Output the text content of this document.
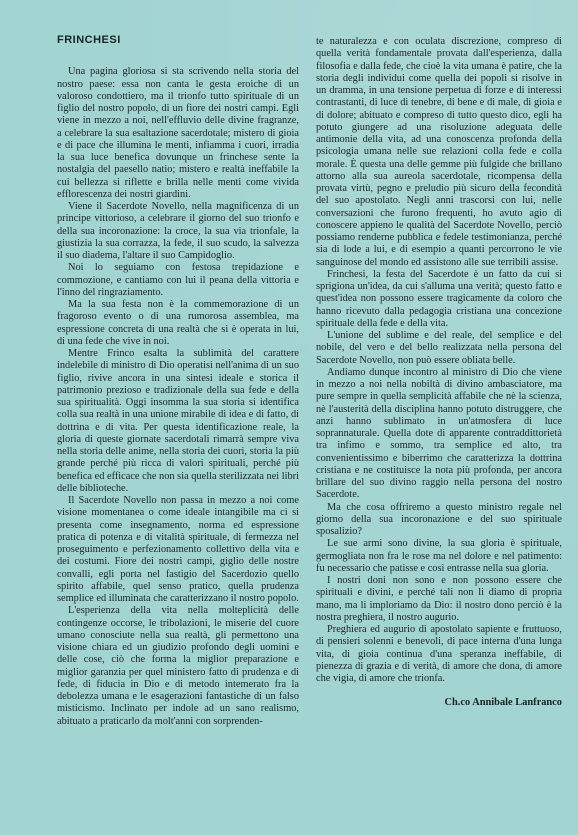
FRINCHESI

Una pagina gloriosa si sta scrivendo nella storia del nostro paese: essa non canta le gesta eroiche di un valoroso condottiero, ma il trionfo tutto spirituale di un figlio del nostro popolo, di un fiore dei nostri campi. Egli viene in mezzo a noi, nell'effluvio delle divine fragranze, a celebrare la sua esaltazione sacerdotale; mistero di gioia e di pace che illumina le menti, infiamma i cuori, irradia la sua luce benefica dovunque un frinchese sente la nostalgia del paesello natio; mistero e realtà ineffabile la cui bellezza si riflette e brilla nelle menti come vivida efflorescenza dei nostri giardini.

Viene il Sacerdote Novello, nella magnificenza di un principe vittorioso, a celebrare il giorno del suo trionfo e della sua incoronazione: la croce, la sua via trionfale, la giustizia la sua corrazza, la fede, il suo scudo, la salvezza il suo diadema, l'altare il suo Campidoglio.

Noi lo seguiamo con festosa trepidazione e commozione, e cantiamo con lui il peana della vittoria e l'inno del ringraziamento.

Ma la sua festa non è la commemorazione di un fragoroso evento o di una rumorosa assemblea, ma espressione concreta di una realtà che si è operata in lui, di una fede che vive in noi.

Mentre Frinco esalta la sublimità del carattere indelebile di ministro di Dio operatisi nell'anima di un suo figlio, rivive ancora in una sintesi ideale e storica il patrimonio prezioso e tradizionale della sua fede e della sua spiritualità. Oggi insomma la sua storia si identifica colla sua realtà in una unione mirabile di idea e di fatto, di dottrina e di vita. Per questa identificazione reale, la gloria di queste giornate sacerdotali rimarrà sempre viva nella storia delle anime, nella storia dei cuori, storia la più grande perché più ricca di valori spirituali, perché più benefica ed efficace che non sia quella sterilizzata nei libri delle biblioteche.

Il Sacerdote Novello non passa in mezzo a noi come visione momentanea o come ideale intangibile ma ci si presenta come insegnamento, norma ed espressione pratica di potenza e di vitalità spirituale, di fermezza nel proseguimento e perfezionamento collettivo della vita e dei costumi. Fiore dei nostri campi, giglio delle nostre convalli, egli porta nel fastigio del Sacerdozio quello spirito affabile, quel senso pratico, quella prudenza semplice ed illuminata che caratterizzano il nostro popolo.

L'esperienza della vita nella molteplicità delle contingenze occorse, le tribolazioni, le miserie del cuore umano conosciute nella sua realtà, gli permettono una visione chiara ed un giudizio profondo degli uomini e delle cose, ciò che forma la miglior preparazione e miglior garanzia per quel ministero fatto di prudenza e di fede, di fiducia in Dio e di metodo intemerato fra la debolezza umana e le esagerazioni fantastiche di un falso misticismo. Inclinato per indole ad un sano realismo, abituato a praticarlo da molt'anni con sorprenden-

te naturalezza e con oculata discrezione, compreso di quella verità fondamentale provata dall'esperienza, dalla filosofia e dalla fede, che cioè la vita umana è patire, che la storia degli individui come quella dei popoli si risolve in un dramma, in una tensione perpetua di forze e di interessi contrastanti, di luce di tenebre, di bene e di male, di gioia e di dolore; abituato e compreso di tutto questo dico, egli ha potuto giungere ad una risoluzione adeguata delle antimonie della vita, ad una conoscenza profonda della psicologia umana nelle sue relazioni colla fede e colla morale. È questa una delle gemme più fulgide che brillano attorno alla sua aureola sacerdotale, ricompensa della provata virtù, pegno e preludio più sicuro della fecondità del suo apostolato. Negli anni trascorsi con lui, nelle conversazioni che furono frequenti, ho avuto agio di conoscere appieno le qualità del Sacerdote Novello, perciò possiamo renderne pubblica e fedele testimonianza, perché sia di lode a lui, e di esempio a quanti percorrono le vie sanguinose del mondo ed assistono alle sue terribili assise.

Frinchesi, la festa del Sacerdote è un fatto da cui si sprigiona un'idea, da cui s'alluma una verità; questo fatto e quest'idea non possono essere tragicamente da coloro che hanno ricevuto dalla pedagogia cristiana una concezione spirituale della fede e della vita.

L'unione del sublime e del reale, del semplice e del nobile, del vero e del bello realizzata nella persona del Sacerdote Novello, non può essere obliata belle.

Andiamo dunque incontro al ministro di Dio che viene in mezzo a noi nella nobiltà di divino ambasciatore, ma pure sempre in quella semplicità affabile che nè la scienza, nè l'austerità della disciplina hanno potuto distruggere, che anzi hanno sublimato in un'atmosfera di luce soprannaturale. Quella dote di apparente contraddittorietà tra infimo e sommo, tra semplice ed alto, tra convenientissimo e biberrimo che caratterizza la dottrina cristiana e ne costituisce la nota più profonda, per ancora brillare del suo divino raggio nella persona del nostro Sacerdote.

Ma che cosa offriremo a questo ministro regale nel giorno della sua incoronazione e del suo spirituale sposalizio?

Le sue armi sono divine, la sua gloria è spirituale, germogliata non fra le rose ma nel dolore e nel patimento: fu necessario che patisse e così entrasse nella sua gloria.

I nostri doni non sono e non possono essere che spirituali e divini, e perché tali non li diamo di propria mano, ma li imploriamo da Dio: il nostro dono perciò è la nostra preghiera, il nostro augurio.

Preghiera ed augurio di apostolato sapiente e fruttuoso, di pensieri solenni e benevoli, di pace interna d'una lunga vita, di gioia continua d'una speranza ineffabile, di pienezza di grazia e di verità, di amore che dona, di amore che vigia, di amore che trionfa.

Ch.co Annibale Lanfranco
